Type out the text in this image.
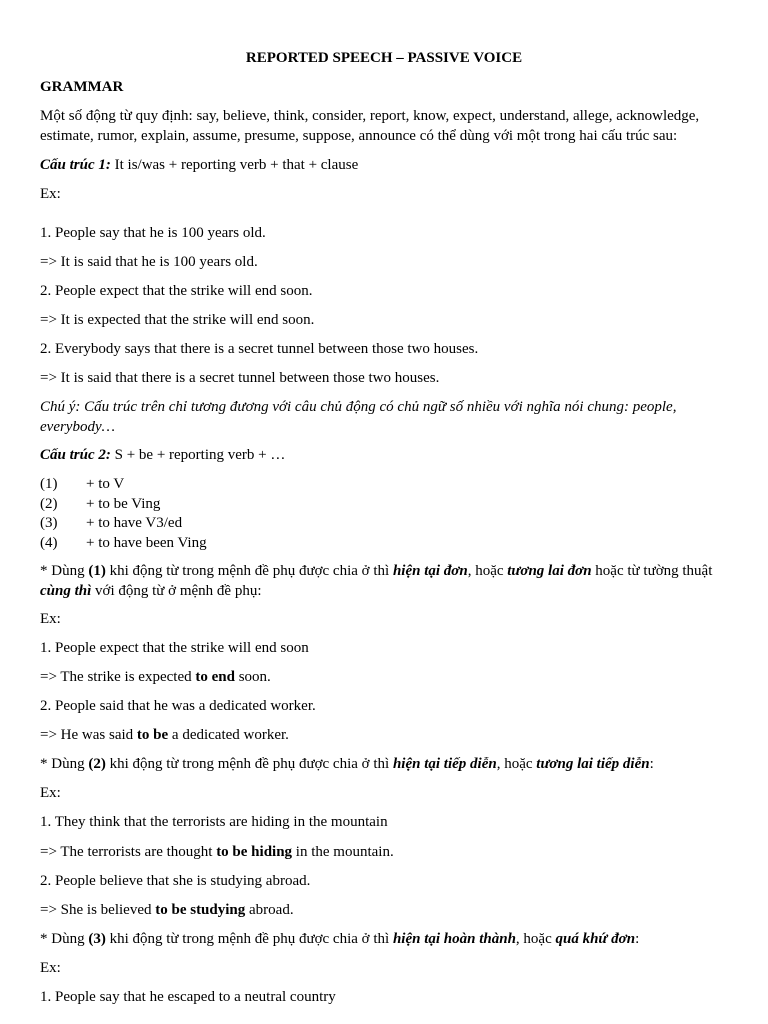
REPORTED SPEECH – PASSIVE VOICE

GRAMMAR

Một số động từ quy định: say, believe, think, consider, report, know, expect, understand, allege, acknowledge, estimate, rumor, explain, assume, presume, suppose, announce có thể dùng với một trong hai cấu trúc sau:

Cấu trúc 1: It is/was + reporting verb + that + clause

Ex:

1. People say that he is 100 years old.

=> It is said that he is 100 years old.

2. People expect that the strike will end soon.

=> It is expected that the strike will end soon.

2. Everybody says that there is a secret tunnel between those two houses.

=> It is said that there is a secret tunnel between those two houses.

Chú ý: Cấu trúc trên chỉ tương đương với câu chủ động có chủ ngữ số nhiều với nghĩa nói chung: people, everybody…

Cấu trúc 2: S + be + reporting verb + …

(1) + to V
(2) + to be Ving
(3) + to have V3/ed
(4) + to have been Ving

* Dùng (1) khi động từ trong mệnh đề phụ được chia ở thì hiện tại đơn, hoặc tương lai đơn hoặc từ tường thuật cùng thì với động từ ở mệnh đề phụ:

Ex:

1. People expect that the strike will end soon

=> The strike is expected to end soon.

2. People said that he was a dedicated worker.

=> He was said to be a dedicated worker.

* Dùng (2) khi động từ trong mệnh đề phụ được chia ở thì hiện tại tiếp diễn, hoặc tương lai tiếp diễn:

Ex:

1. They think that the terrorists are hiding in the mountain

=> The terrorists are thought to be hiding in the mountain.

2. People believe that she is studying abroad.

=> She is believed to be studying abroad.

* Dùng (3) khi động từ trong mệnh đề phụ được chia ở thì hiện tại hoàn thành, hoặc quá khứ đơn:

Ex:

1. People say that he escaped to a neutral country
